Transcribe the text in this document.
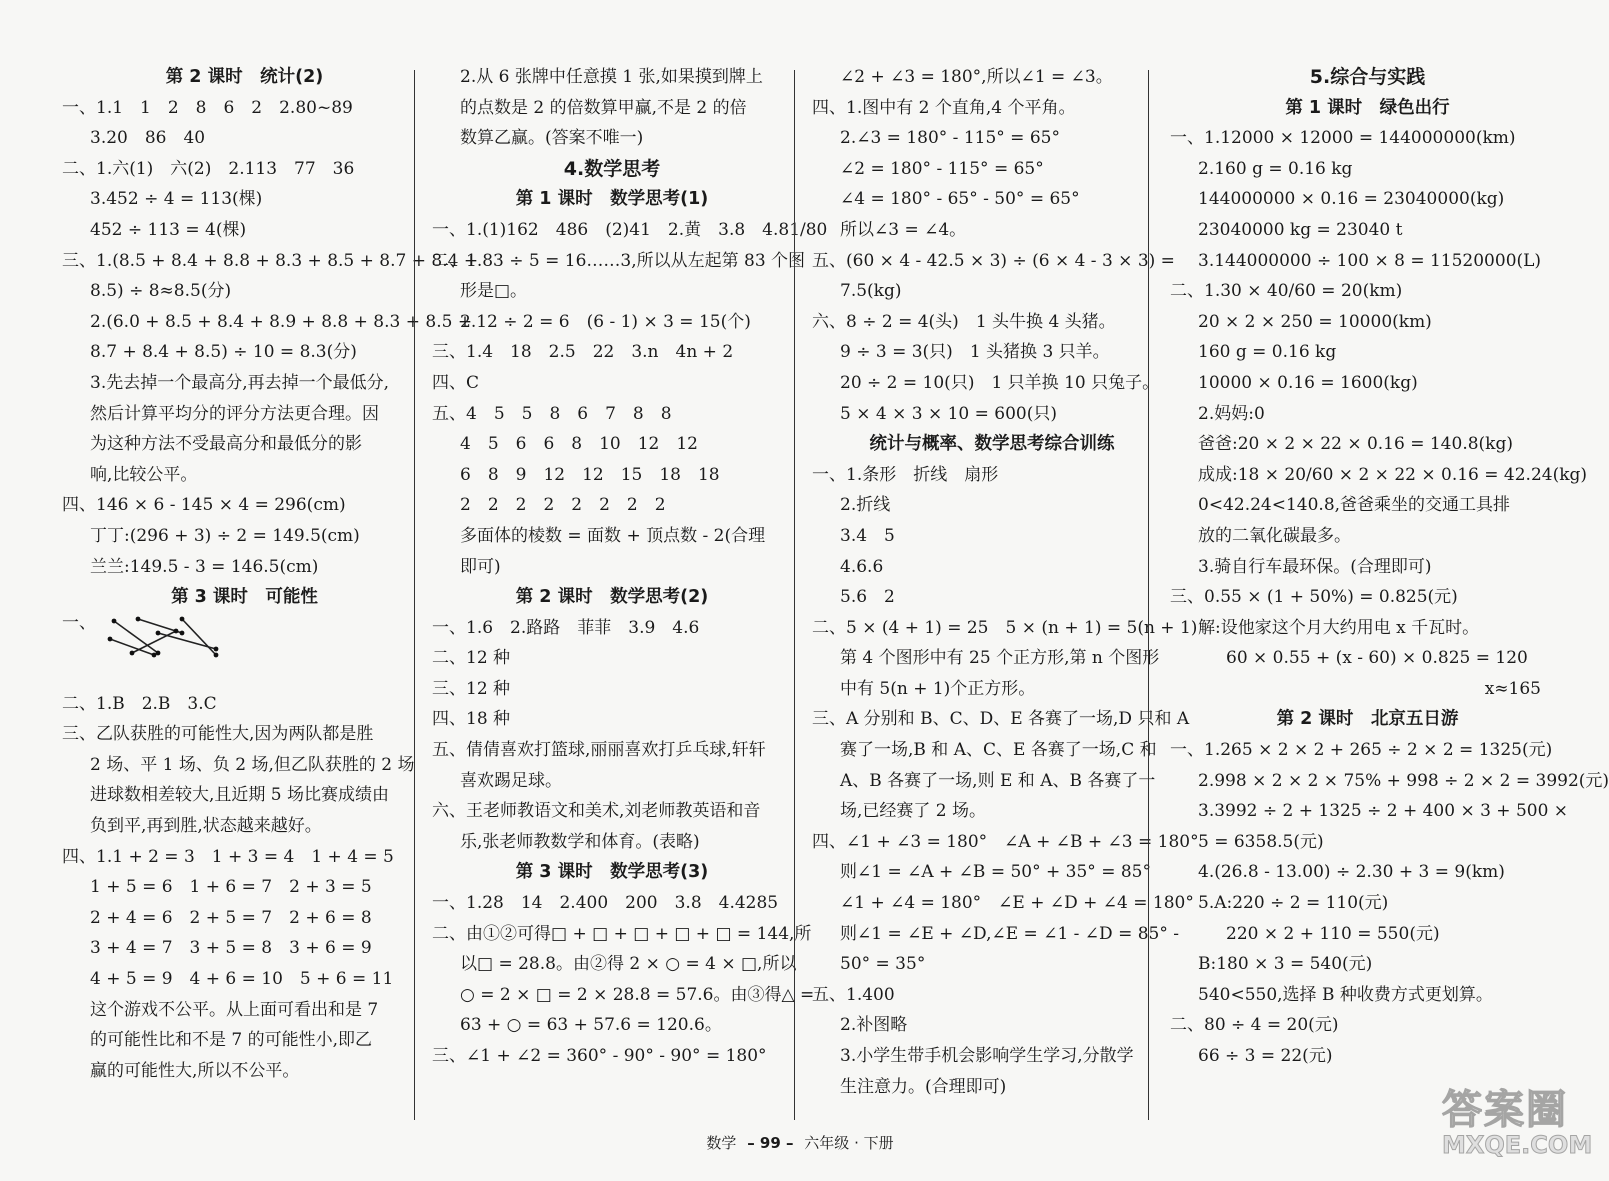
第 2 课时　统计(2)
一、1.1　1　2　8　6　2　2.80~89
3.20　86　40
二、1.六(1)　六(2)　2.113　77　36
3.452 ÷ 4 = 113(棵)
452 ÷ 113 = 4(棵)
三、1.(8.5 + 8.4 + 8.8 + 8.3 + 8.5 + 8.7 + 8.4 +
8.5) ÷ 8≈8.5(分)
2.(6.0 + 8.5 + 8.4 + 8.9 + 8.8 + 8.3 + 8.5 +
8.7 + 8.4 + 8.5) ÷ 10 = 8.3(分)
3.先去掉一个最高分,再去掉一个最低分,
然后计算平均分的评分方法更合理。因
为这种方法不受最高分和最低分的影
响,比较公平。
四、146 × 6 - 145 × 4 = 296(cm)
丁丁:(296 + 3) ÷ 2 = 149.5(cm)
兰兰:149.5 - 3 = 146.5(cm)
第 3 课时　可能性
一、
二、1.B　2.B　3.C
三、乙队获胜的可能性大,因为两队都是胜
2 场、平 1 场、负 2 场,但乙队获胜的 2 场
进球数相差较大,且近期 5 场比赛成绩由
负到平,再到胜,状态越来越好。
四、1.1 + 2 = 3　1 + 3 = 4　1 + 4 = 5
1 + 5 = 6　1 + 6 = 7　2 + 3 = 5
2 + 4 = 6　2 + 5 = 7　2 + 6 = 8
3 + 4 = 7　3 + 5 = 8　3 + 6 = 9
4 + 5 = 9　4 + 6 = 10　5 + 6 = 11
这个游戏不公平。从上面可看出和是 7
的可能性比和不是 7 的可能性小,即乙
赢的可能性大,所以不公平。
2.从 6 张牌中任意摸 1 张,如果摸到牌上
的点数是 2 的倍数算甲赢,不是 2 的倍
数算乙赢。(答案不唯一)
4.数学思考
第 1 课时　数学思考(1)
一、1.(1)162　486　(2)41　2.黄　3.8　4.81/80
二、1.83 ÷ 5 = 16……3,所以从左起第 83 个图
形是□。
2.12 ÷ 2 = 6　(6 - 1) × 3 = 15(个)
三、1.4　18　2.5　22　3.n　4n + 2
四、C
五、4　5　5　8　6　7　8　8
4　5　6　6　8　10　12　12
6　8　9　12　12　15　18　18
2　2　2　2　2　2　2　2
多面体的棱数 = 面数 + 顶点数 - 2(合理
即可)
第 2 课时　数学思考(2)
一、1.6　2.路路　菲菲　3.9　4.6
二、12 种
三、12 种
四、18 种
五、倩倩喜欢打篮球,丽丽喜欢打乒乓球,轩轩
喜欢踢足球。
六、王老师教语文和美术,刘老师教英语和音
乐,张老师教数学和体育。(表略)
第 3 课时　数学思考(3)
一、1.28　14　2.400　200　3.8　4.4285
二、由①②可得□ + □ + □ + □ + □ = 144,所
以□ = 28.8。由②得 2 × ○ = 4 × □,所以
○ = 2 × □ = 2 × 28.8 = 57.6。由③得△ =
63 + ○ = 63 + 57.6 = 120.6。
三、∠1 + ∠2 = 360° - 90° - 90° = 180°
∠2 + ∠3 = 180°,所以∠1 = ∠3。
四、1.图中有 2 个直角,4 个平角。
2.∠3 = 180° - 115° = 65°
∠2 = 180° - 115° = 65°
∠4 = 180° - 65° - 50° = 65°
所以∠3 = ∠4。
五、(60 × 4 - 42.5 × 3) ÷ (6 × 4 - 3 × 3) =
7.5(kg)
六、8 ÷ 2 = 4(头)　1 头牛换 4 头猪。
9 ÷ 3 = 3(只)　1 头猪换 3 只羊。
20 ÷ 2 = 10(只)　1 只羊换 10 只兔子。
5 × 4 × 3 × 10 = 600(只)
统计与概率、数学思考综合训练
一、1.条形　折线　扇形
2.折线
3.4　5
4.6.6
5.6　2
二、5 × (4 + 1) = 25　5 × (n + 1) = 5(n + 1)
第 4 个图形中有 25 个正方形,第 n 个图形
中有 5(n + 1)个正方形。
三、A 分别和 B、C、D、E 各赛了一场,D 只和 A
赛了一场,B 和 A、C、E 各赛了一场,C 和
A、B 各赛了一场,则 E 和 A、B 各赛了一
场,已经赛了 2 场。
四、∠1 + ∠3 = 180°　∠A + ∠B + ∠3 = 180°
则∠1 = ∠A + ∠B = 50° + 35° = 85°
∠1 + ∠4 = 180°　∠E + ∠D + ∠4 = 180°
则∠1 = ∠E + ∠D,∠E = ∠1 - ∠D = 85° -
50° = 35°
五、1.400
2.补图略
3.小学生带手机会影响学生学习,分散学
生注意力。(合理即可)
5.综合与实践
第 1 课时　绿色出行
一、1.12000 × 12000 = 144000000(km)
2.160 g = 0.16 kg
144000000 × 0.16 = 23040000(kg)
23040000 kg = 23040 t
3.144000000 ÷ 100 × 8 = 11520000(L)
二、1.30 × 40/60 = 20(km)
20 × 2 × 250 = 10000(km)
160 g = 0.16 kg
10000 × 0.16 = 1600(kg)
2.妈妈:0
爸爸:20 × 2 × 22 × 0.16 = 140.8(kg)
成成:18 × 20/60 × 2 × 22 × 0.16 = 42.24(kg)
0<42.24<140.8,爸爸乘坐的交通工具排
放的二氧化碳最多。
3.骑自行车最环保。(合理即可)
三、0.55 × (1 + 50%) = 0.825(元)
解:设他家这个月大约用电 x 千瓦时。
60 × 0.55 + (x - 60) × 0.825 = 120
x≈165
第 2 课时　北京五日游
一、1.265 × 2 × 2 + 265 ÷ 2 × 2 = 1325(元)
2.998 × 2 × 2 × 75% + 998 ÷ 2 × 2 = 3992(元)
3.3992 ÷ 2 + 1325 ÷ 2 + 400 × 3 + 500 ×
5 = 6358.5(元)
4.(26.8 - 13.00) ÷ 2.30 + 3 = 9(km)
5.A:220 ÷ 2 = 110(元)
220 × 2 + 110 = 550(元)
B:180 × 3 = 540(元)
540<550,选择 B 种收费方式更划算。
二、80 ÷ 4 = 20(元)
66 ÷ 3 = 22(元)
数学 – 99 – 六年级 · 下册
答案圈
MXQE.COM
